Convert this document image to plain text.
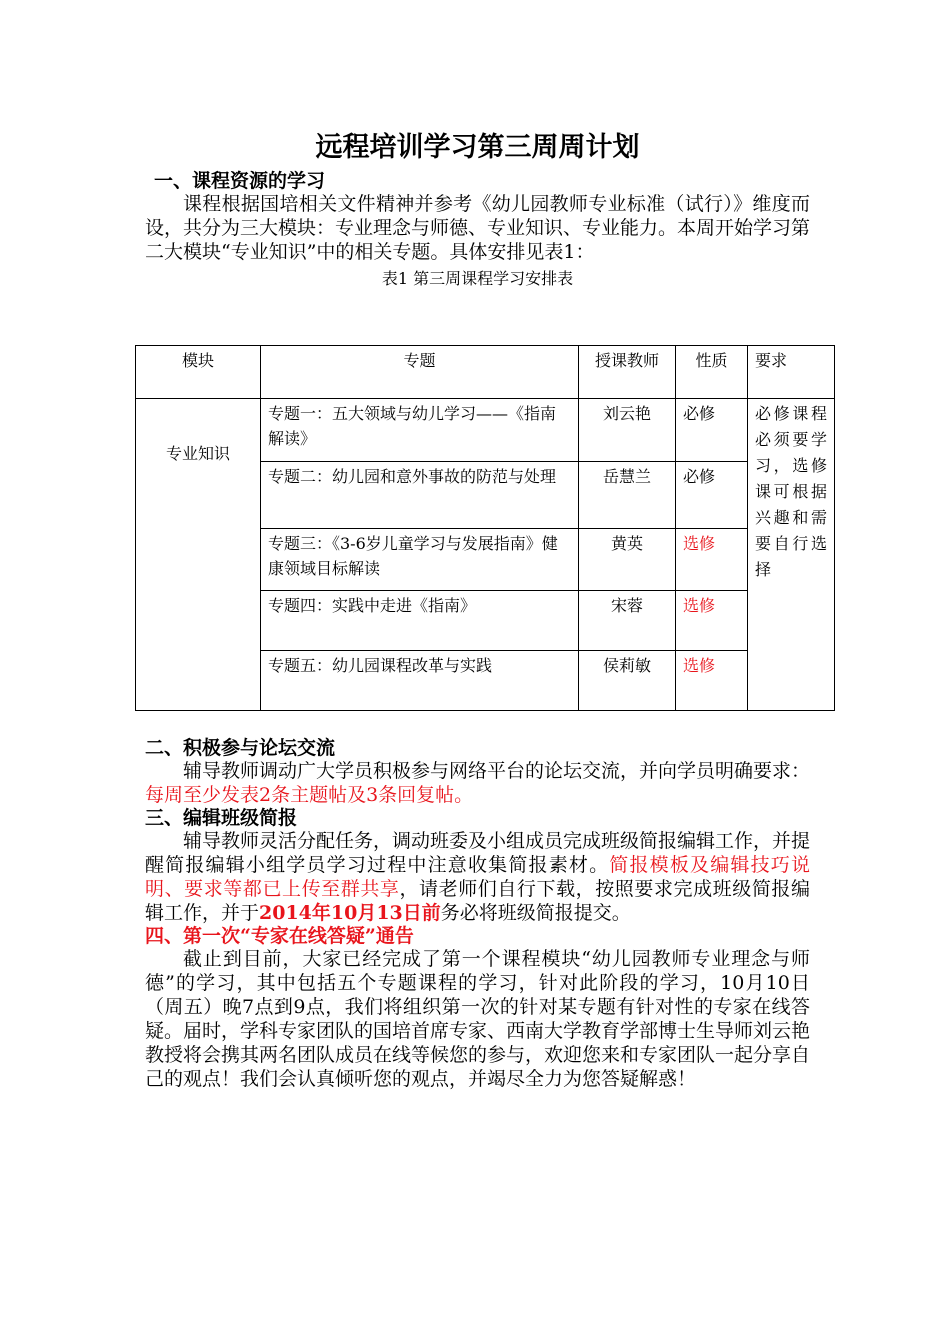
远程培训学习第三周周计划
一、课程资源的学习

课程根据国培相关文件精神并参考《幼儿园教师专业标准（试行）》维度而设，共分为三大模块：专业理念与师德、专业知识、专业能力。本周开始学习第二大模块“专业知识”中的相关专题。具体安排见表1：

表1 第三周课程学习安排表
模块	专题	授课教师	性质	要求
专业知识	专题一：五大领域与幼儿学习——《指南解读》	刘云艳	必修	必修课程必须要学习，选修课可根据兴趣和需要自行选择

	专题二：幼儿园和意外事故的防范与处理	岳慧兰	必修	
	专题三：《3-6岁儿童学习与发展指南》健康领域目标解读	黄英	选修	
	专题四：实践中走进《指南》	宋蓉	选修	
	专题五：幼儿园课程改革与实践	侯莉敏	选修	
二、积极参与论坛交流

辅导教师调动广大学员积极参与网络平台的论坛交流，并向学员明确要求：每周至少发表2条主题帖及3条回复帖。

三、编辑班级简报

辅导教师灵活分配任务，调动班委及小组成员完成班级简报编辑工作，并提醒简报编辑小组学员学习过程中注意收集简报素材。简报模板及编辑技巧说明、要求等都已上传至群共享，请老师们自行下载，按照要求完成班级简报编辑工作，并于2014年10月13日前务必将班级简报提交。

四、第一次“专家在线答疑”通告

截止到目前，大家已经完成了第一个课程模块“幼儿园教师专业理念与师德”的学习，其中包括五个专题课程的学习，针对此阶段的学习，10月10日（周五）晚7点到9点，我们将组织第一次的针对某专题有针对性的专家在线答疑。届时，学科专家团队的国培首席专家、西南大学教育学部博士生导师刘云艳教授将会携其两名团队成员在线等候您的参与，欢迎您来和专家团队一起分享自己的观点！我们会认真倾听您的观点，并竭尽全力为您答疑解惑！
